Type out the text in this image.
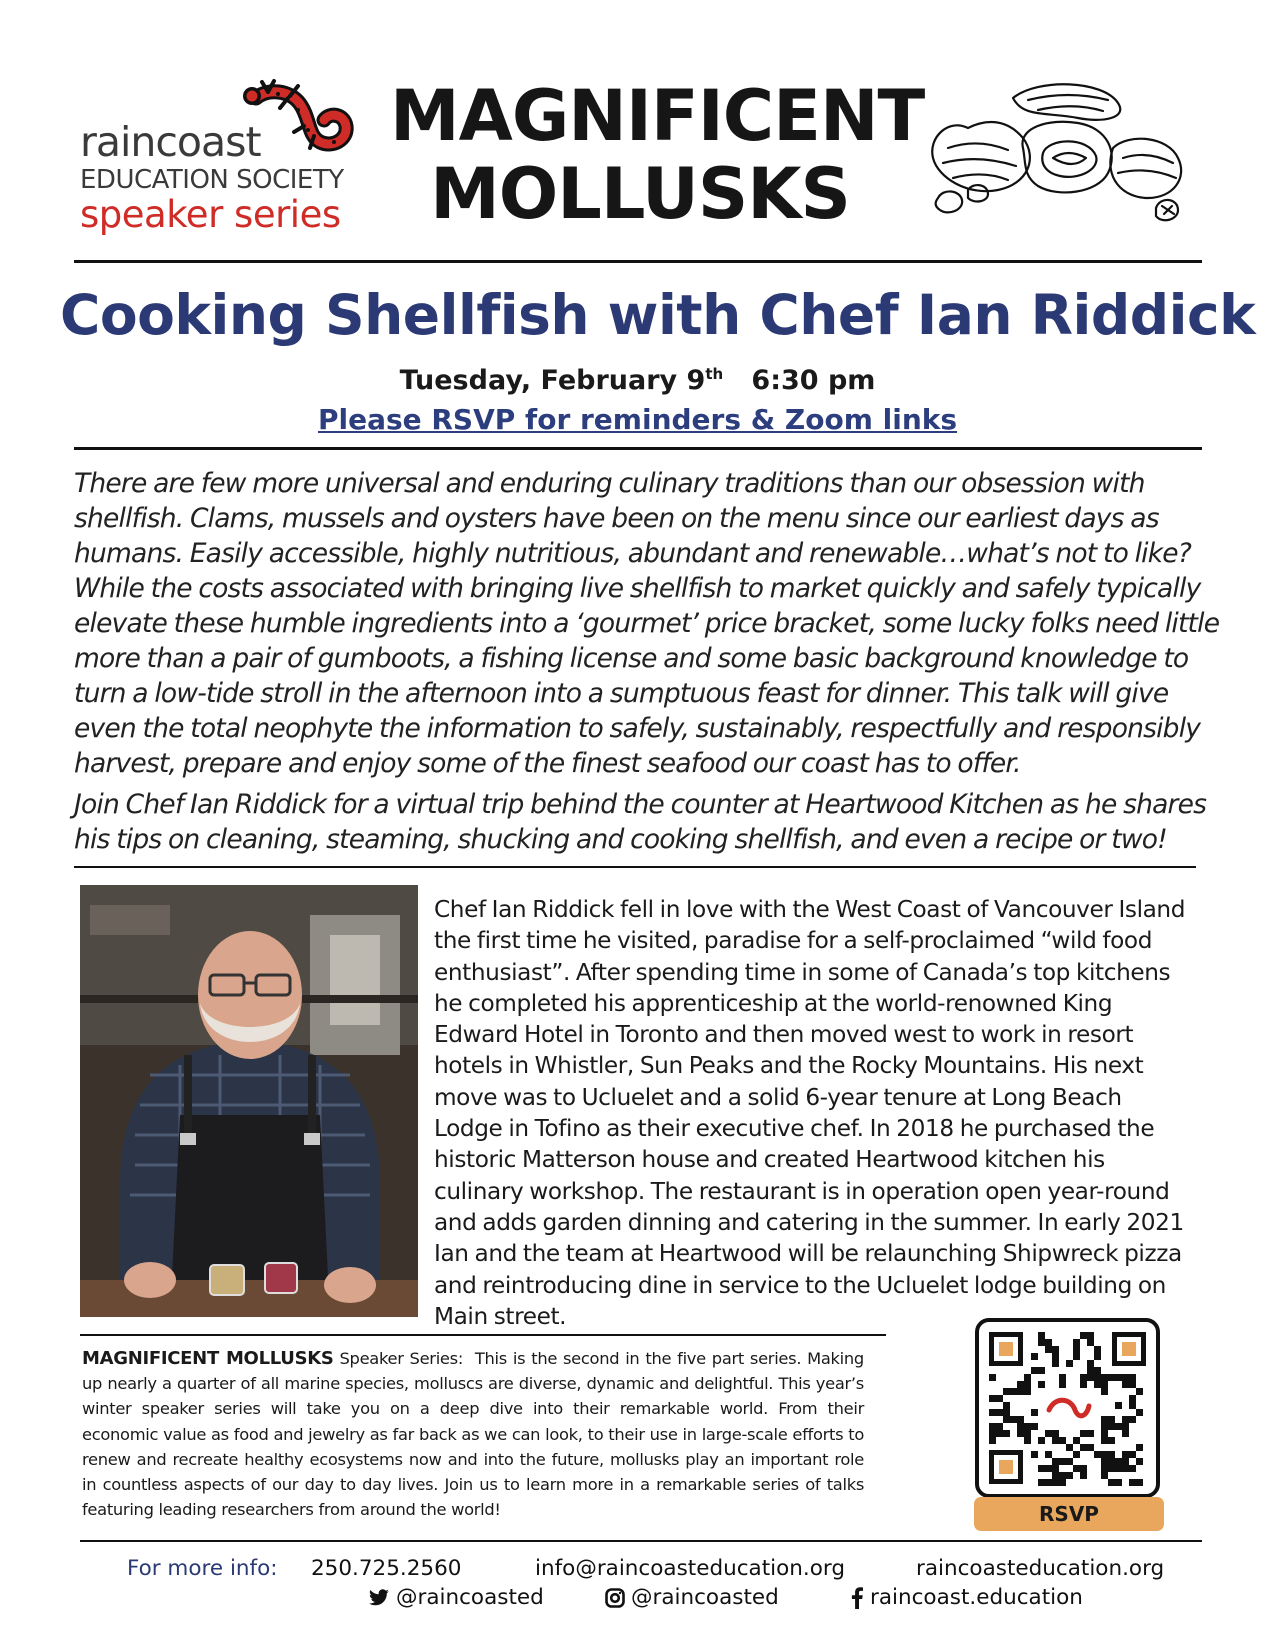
raincoast
EDUCATION SOCIETY
speaker series
MAGNIFICENT
MOLLUSKS
Cooking Shellfish with Chef Ian Riddick
Tuesday, February 9th 6:30 pm
Please RSVP for reminders & Zoom links
There are few more universal and enduring culinary traditions than our obsession with shellfish. Clams, mussels and oysters have been on the menu since our earliest days as humans. Easily accessible, highly nutritious, abundant and renewable…what’s not to like? While the costs associated with bringing live shellfish to market quickly and safely typically elevate these humble ingredients into a ‘gourmet’ price bracket, some lucky folks need little more than a pair of gumboots, a fishing license and some basic background knowledge to turn a low-tide stroll in the afternoon into a sumptuous feast for dinner. This talk will give even the total neophyte the information to safely, sustainably, respectfully and responsibly harvest, prepare and enjoy some of the finest seafood our coast has to offer.
Join Chef Ian Riddick for a virtual trip behind the counter at Heartwood Kitchen as he shares his tips on cleaning, steaming, shucking and cooking shellfish, and even a recipe or two!
Chef Ian Riddick fell in love with the West Coast of Vancouver Island the first time he visited, paradise for a self-proclaimed “wild food enthusiast”. After spending time in some of Canada’s top kitchens he completed his apprenticeship at the world-renowned King Edward Hotel in Toronto and then moved west to work in resort hotels in Whistler, Sun Peaks and the Rocky Mountains. His next move was to Ucluelet and a solid 6-year tenure at Long Beach Lodge in Tofino as their executive chef. In 2018 he purchased the historic Matterson house and created Heartwood kitchen his culinary workshop. The restaurant is in operation open year-round and adds garden dinning and catering in the summer. In early 2021 Ian and the team at Heartwood will be relaunching Shipwreck pizza and reintroducing dine in service to the Ucluelet lodge building on Main street.
MAGNIFICENT MOLLUSKS Speaker Series: This is the second in the five part series. Making up nearly a quarter of all marine species, molluscs are diverse, dynamic and delightful. This year’s winter speaker series will take you on a deep dive into their remarkable world. From their economic value as food and jewelry as far back as we can look, to their use in large-scale efforts to renew and recreate healthy ecosystems now and into the future, mollusks play an important role in countless aspects of our day to day lives. Join us to learn more in a remarkable series of talks featuring leading researchers from around the world!	RSVP
For more info: 250.725.2560	info@raincoasteducation.org	raincoasteducation.org
@raincoasted	@raincoasted	raincoast.education
